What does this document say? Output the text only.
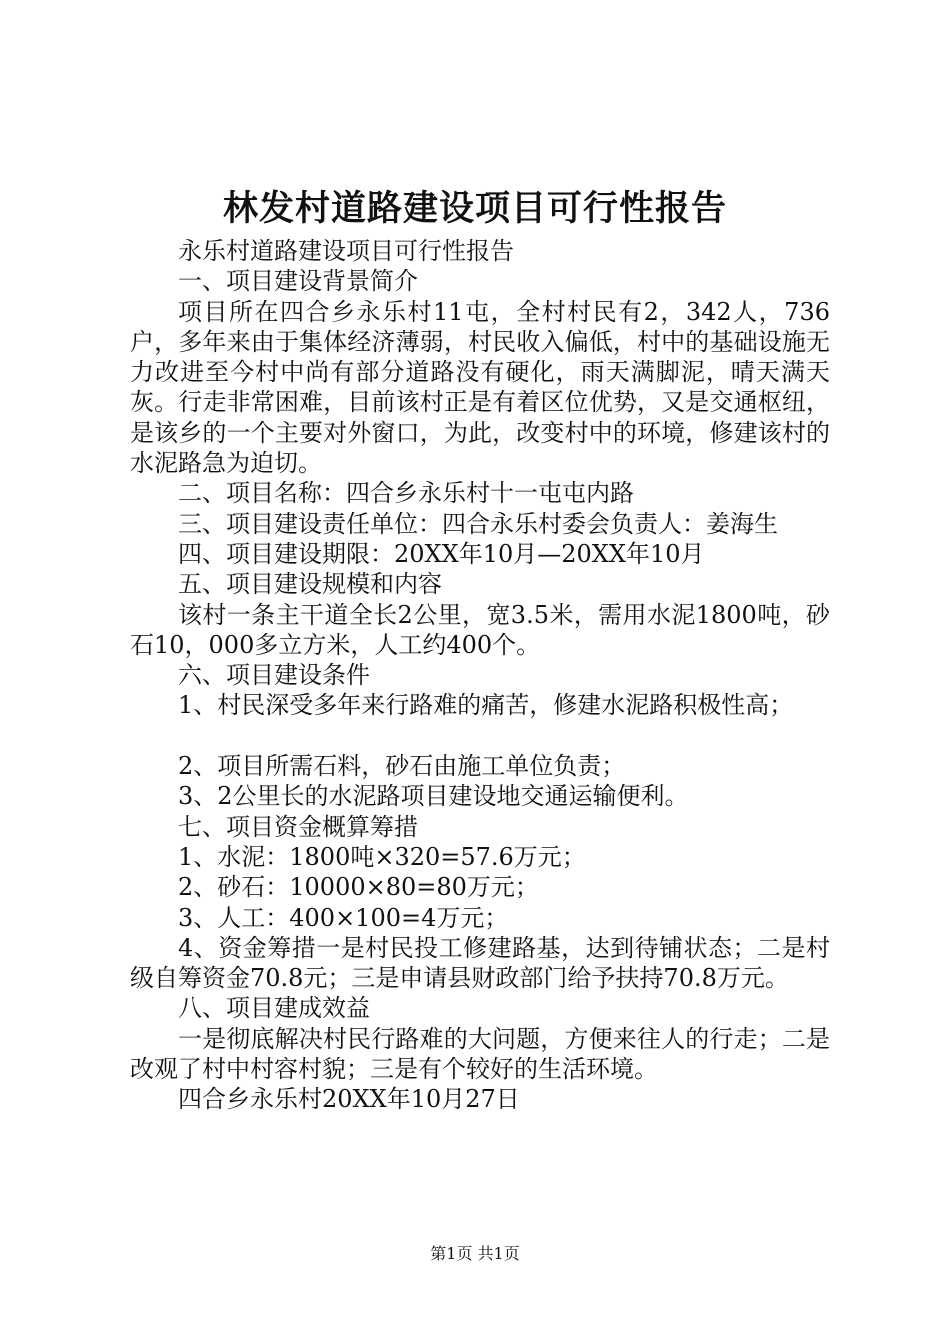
林发村道路建设项目可行性报告

永乐村道路建设项目可行性报告

一、项目建设背景简介

项目所在四合乡永乐村11屯，全村村民有2，342人，736户，多年来由于集体经济薄弱，村民收入偏低，村中的基础设施无力改进至今村中尚有部分道路没有硬化，雨天满脚泥，晴天满天灰。行走非常困难，目前该村正是有着区位优势，又是交通枢纽，是该乡的一个主要对外窗口，为此，改变村中的环境，修建该村的水泥路急为迫切。

二、项目名称：四合乡永乐村十一屯屯内路

三、项目建设责任单位：四合永乐村委会负责人：姜海生

四、项目建设期限：20XX年10月—20XX年10月

五、项目建设规模和内容

该村一条主干道全长2公里，宽3.5米，需用水泥1800吨，砂石10，000多立方米，人工约400个。

六、项目建设条件

1、村民深受多年来行路难的痛苦，修建水泥路积极性高；

2、项目所需石料，砂石由施工单位负责；

3、2公里长的水泥路项目建设地交通运输便利。

七、项目资金概算筹措

1、水泥：1800吨×320=57.6万元；

2、砂石：10000×80=80万元；

3、人工：400×100=4万元；

4、资金筹措一是村民投工修建路基，达到待铺状态；二是村级自筹资金70.8元；三是申请县财政部门给予扶持70.8万元。

八、项目建成效益

一是彻底解决村民行路难的大问题，方便来往人的行走；二是改观了村中村容村貌；三是有个较好的生活环境。

四合乡永乐村20XX年10月27日

第1页 共1页
